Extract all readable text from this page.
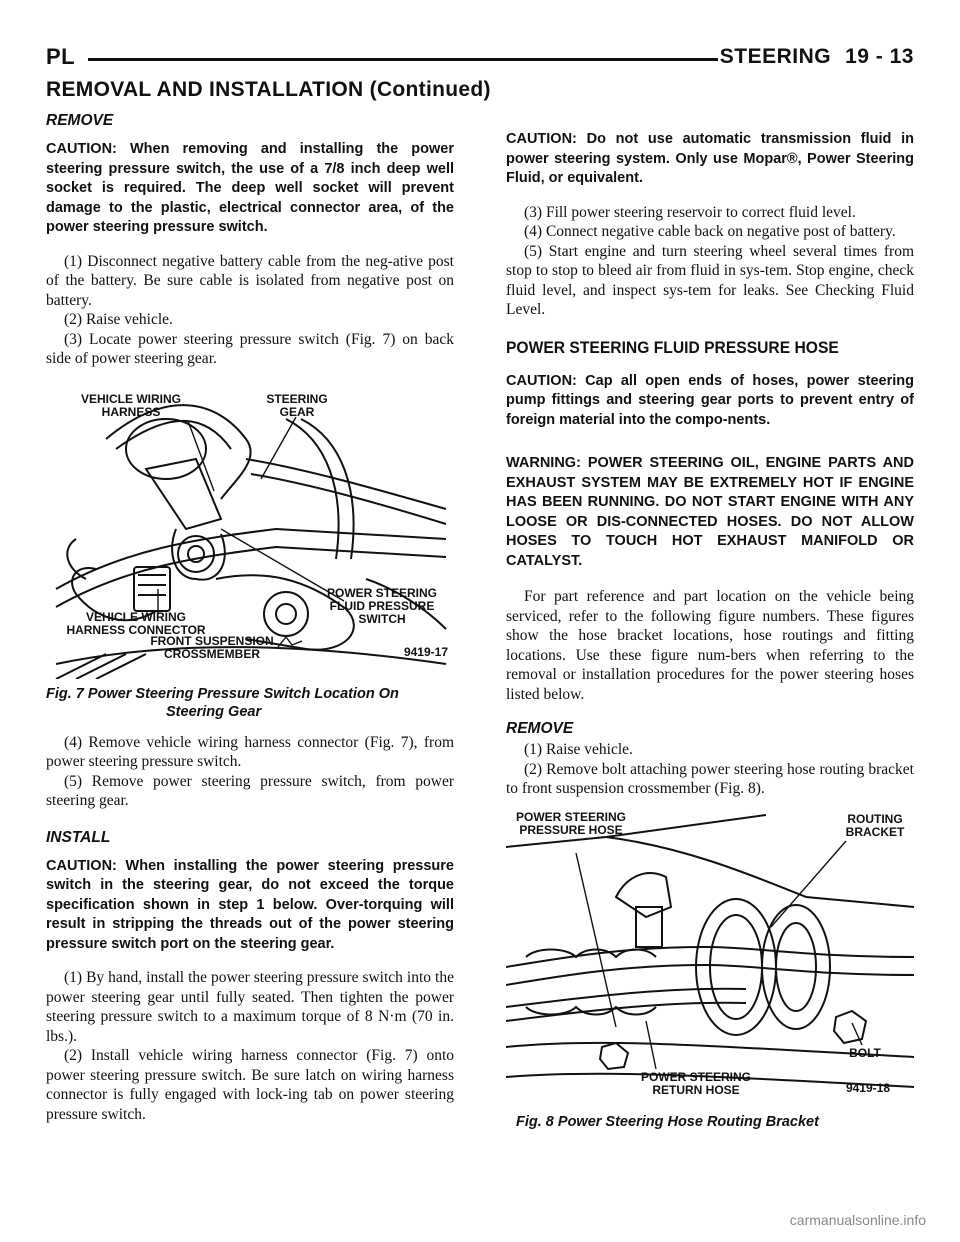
PL	STEERING 19 - 13
REMOVAL AND INSTALLATION (Continued)
REMOVE
CAUTION: When removing and installing the power steering pressure switch, the use of a 7/8 inch deep well socket is required. The deep well socket will prevent damage to the plastic, electrical connector area, of the power steering pressure switch.

(1) Disconnect negative battery cable from the neg-ative post of the battery. Be sure cable is isolated from negative post on battery.

(2) Raise vehicle.

(3) Locate power steering pressure switch (Fig. 7) on back side of power steering gear.

VEHICLE WIRING
HARNESS
STEERING
GEAR
POWER STEERING
FLUID PRESSURE
SWITCH
VEHICLE WIRING
HARNESS CONNECTOR
FRONT SUSPENSION
CROSSMEMBER	9419-17
Fig. 7 Power Steering Pressure Switch Location On
Steering Gear

(4) Remove vehicle wiring harness connector (Fig. 7), from power steering pressure switch.

(5) Remove power steering pressure switch, from power steering gear.

INSTALL
CAUTION: When installing the power steering pressure switch in the steering gear, do not exceed the torque specification shown in step 1 below. Over-torquing will result in stripping the threads out of the power steering pressure switch port on the steering gear.

(1) By hand, install the power steering pressure switch into the power steering gear until fully seated. Then tighten the power steering pressure switch to a maximum torque of 8 N·m (70 in. lbs.).

(2) Install vehicle wiring harness connector (Fig. 7) onto power steering pressure switch. Be sure latch on wiring harness connector is fully engaged with lock-ing tab on power steering pressure switch.

CAUTION: Do not use automatic transmission fluid in power steering system. Only use Mopar®, Power Steering Fluid, or equivalent.

(3) Fill power steering reservoir to correct fluid level.

(4) Connect negative cable back on negative post of battery.

(5) Start engine and turn steering wheel several times from stop to stop to bleed air from fluid in sys-tem. Stop engine, check fluid level, and inspect sys-tem for leaks. See Checking Fluid Level.

POWER STEERING FLUID PRESSURE HOSE
CAUTION: Cap all open ends of hoses, power steering pump fittings and steering gear ports to prevent entry of foreign material into the compo-nents.
WARNING: POWER STEERING OIL, ENGINE PARTS AND EXHAUST SYSTEM MAY BE EXTREMELY HOT IF ENGINE HAS BEEN RUNNING. DO NOT START ENGINE WITH ANY LOOSE OR DIS-CONNECTED HOSES. DO NOT ALLOW HOSES TO TOUCH HOT EXHAUST MANIFOLD OR CATALYST.

For part reference and part location on the vehicle being serviced, refer to the following figure numbers. These figures show the hose bracket locations, hose routings and fitting locations. Use these figure num-bers when referring to the removal or installation procedures for the power steering hoses listed below.

REMOVE

(1) Raise vehicle.

(2) Remove bolt attaching power steering hose routing bracket to front suspension crossmember (Fig. 8).

POWER STEERING
PRESSURE HOSE
ROUTING
BRACKET
BOLT
POWER STEERING
RETURN HOSE	9419-18
Fig. 8 Power Steering Hose Routing Bracket
carmanualsonline.info
